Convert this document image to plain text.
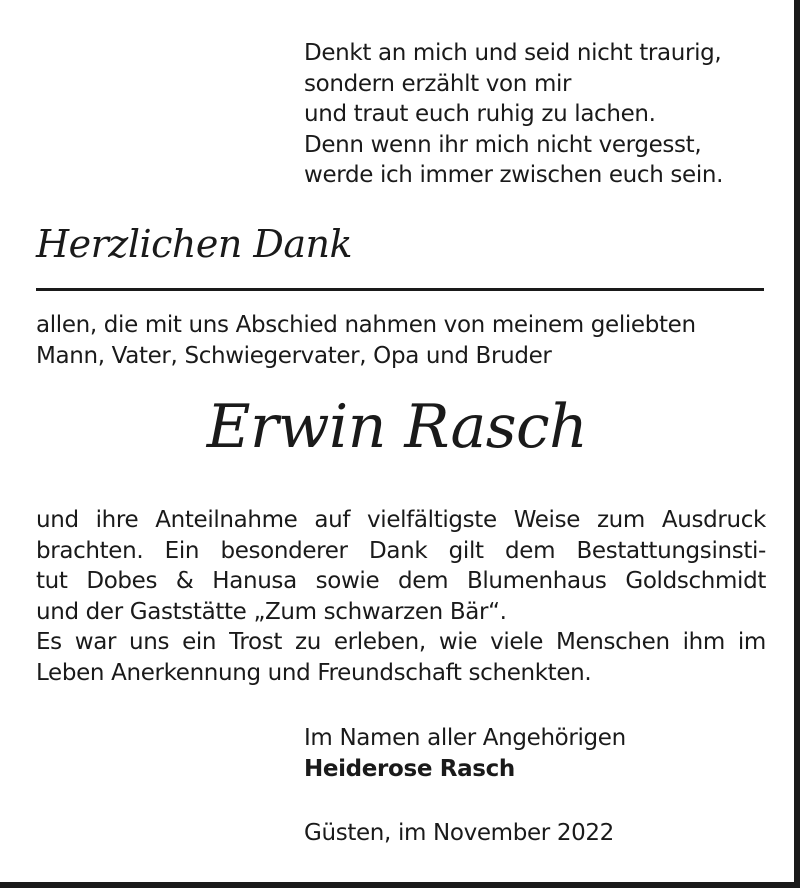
Denkt an mich und seid nicht traurig,
sondern erzählt von mir
und traut euch ruhig zu lachen.
Denn wenn ihr mich nicht vergesst,
werde ich immer zwischen euch sein.
Herzlichen Dank
allen, die mit uns Abschied nahmen von meinem geliebten
Mann, Vater, Schwiegervater, Opa und Bruder
Erwin Rasch
und ihre Anteilnahme auf vielfältigste Weise zum Ausdruck
brachten. Ein besonderer Dank gilt dem Bestattungsinsti-
tut Dobes & Hanusa sowie dem Blumenhaus Goldschmidt
und der Gaststätte „Zum schwarzen Bär“.
Es war uns ein Trost zu erleben, wie viele Menschen ihm im
Leben Anerkennung und Freundschaft schenkten.
Im Namen aller Angehörigen
Heiderose Rasch
Güsten, im November 2022
